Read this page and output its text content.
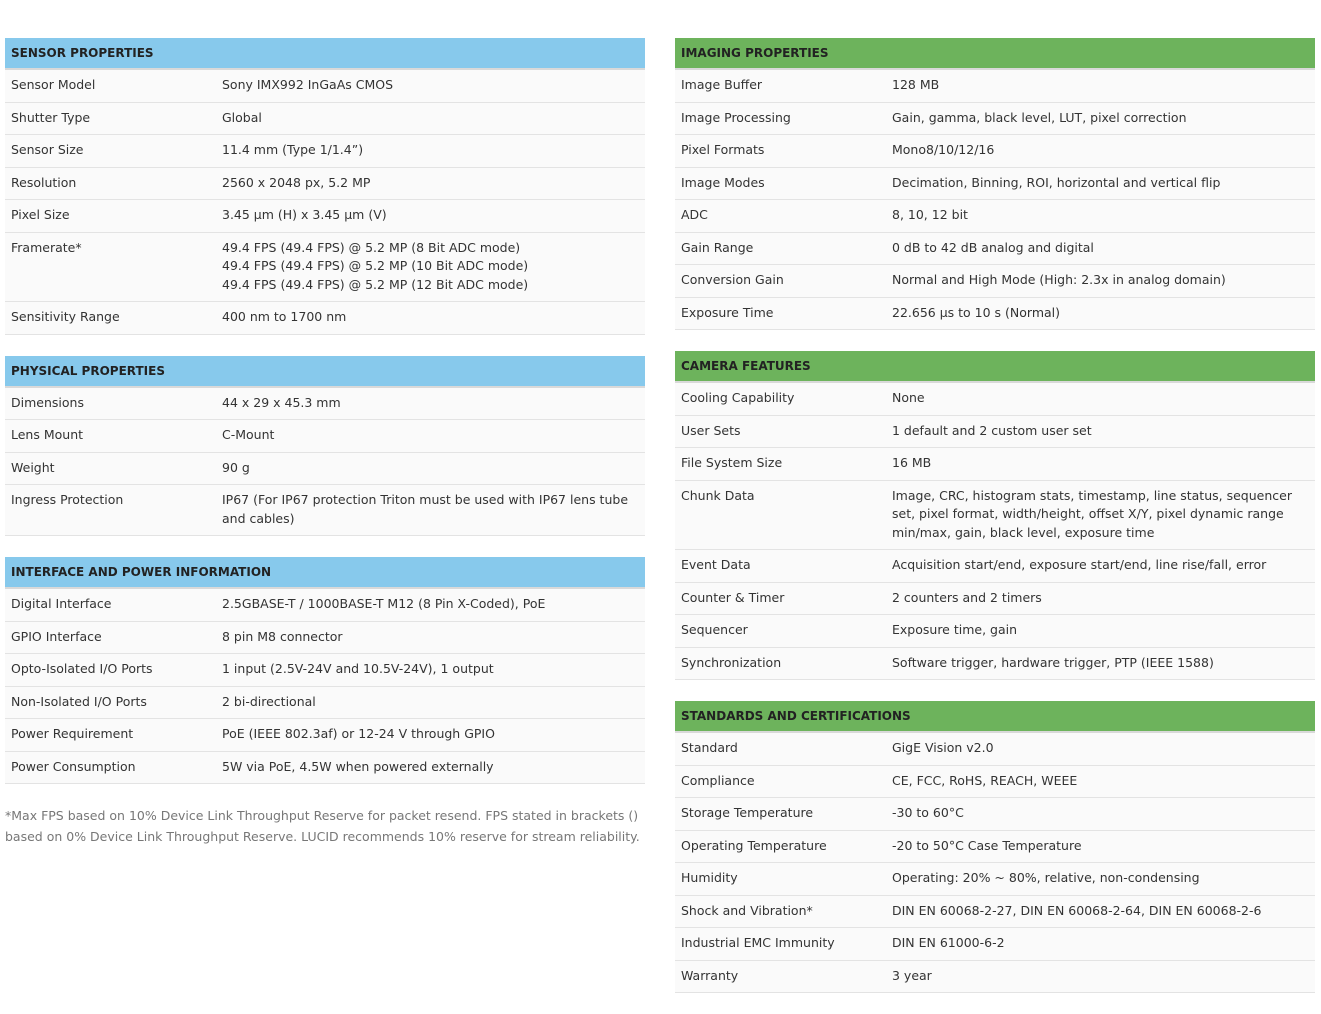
SENSOR PROPERTIES
Sensor Model	Sony IMX992 InGaAs CMOS
Shutter Type	Global
Sensor Size	11.4 mm (Type 1/1.4”)
Resolution	2560 x 2048 px, 5.2 MP
Pixel Size	3.45 μm (H) x 3.45 μm (V)
Framerate*	49.4 FPS (49.4 FPS) @ 5.2 MP (8 Bit ADC mode)
49.4 FPS (49.4 FPS) @ 5.2 MP (10 Bit ADC mode)
49.4 FPS (49.4 FPS) @ 5.2 MP (12 Bit ADC mode)
Sensitivity Range	400 nm to 1700 nm
PHYSICAL PROPERTIES
Dimensions	44 x 29 x 45.3 mm
Lens Mount	C-Mount
Weight	90 g
Ingress Protection	IP67 (For IP67 protection Triton must be used with IP67 lens tube and cables)
INTERFACE AND POWER INFORMATION
Digital Interface	2.5GBASE-T / 1000BASE-T M12 (8 Pin X-Coded), PoE
GPIO Interface	8 pin M8 connector
Opto-Isolated I/O Ports	1 input (2.5V-24V and 10.5V-24V), 1 output
Non-Isolated I/O Ports	2 bi-directional
Power Requirement	PoE (IEEE 802.3af) or 12-24 V through GPIO
Power Consumption	5W via PoE, 4.5W when powered externally
*Max FPS based on 10% Device Link Throughput Reserve for packet resend. FPS stated in brackets () based on 0% Device Link Throughput Reserve. LUCID recommends 10% reserve for stream reliability.
IMAGING PROPERTIES
Image Buffer	128 MB
Image Processing	Gain, gamma, black level, LUT, pixel correction
Pixel Formats	Mono8/10/12/16
Image Modes	Decimation, Binning, ROI, horizontal and vertical flip
ADC	8, 10, 12 bit
Gain Range	0 dB to 42 dB analog and digital
Conversion Gain	Normal and High Mode (High: 2.3x in analog domain)
Exposure Time	22.656 μs to 10 s (Normal)
CAMERA FEATURES
Cooling Capability	None
User Sets	1 default and 2 custom user set
File System Size	16 MB
Chunk Data	Image, CRC, histogram stats, timestamp, line status, sequencer set, pixel format, width/height, offset X/Y, pixel dynamic range min/max, gain, black level, exposure time
Event Data	Acquisition start/end, exposure start/end, line rise/fall, error
Counter & Timer	2 counters and 2 timers
Sequencer	Exposure time, gain
Synchronization	Software trigger, hardware trigger, PTP (IEEE 1588)
STANDARDS AND CERTIFICATIONS
Standard	GigE Vision v2.0
Compliance	CE, FCC, RoHS, REACH, WEEE
Storage Temperature	-30 to 60°C
Operating Temperature	-20 to 50°C Case Temperature
Humidity	Operating: 20% ~ 80%, relative, non-condensing
Shock and Vibration*	DIN EN 60068-2-27, DIN EN 60068-2-64, DIN EN 60068-2-6
Industrial EMC Immunity	DIN EN 61000-6-2
Warranty	3 year
